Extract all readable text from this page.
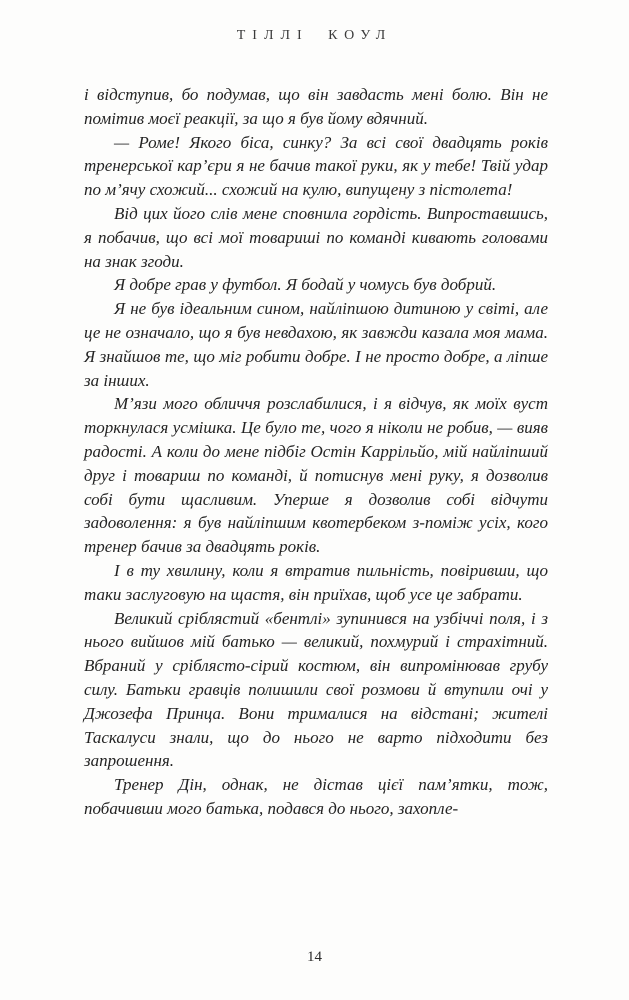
ТІЛЛІ КОУЛ

і відступив, бо подумав, що він завдасть мені болю. Він не помітив моєї реакції, за що я був йому вдячний.

— Роме! Якого біса, синку? За всі свої двадцять років тренерської кар’єри я не бачив такої руки, як у тебе! Твій удар по м’ячу схожий... схожий на кулю, випущену з пістолета!

Від цих його слів мене сповнила гордість. Випроставшись, я побачив, що всі мої товариші по команді кивають головами на знак згоди.

Я добре грав у футбол. Я бодай у чомусь був добрий.

Я не був ідеальним сином, найліпшою дитиною у світі, але це не означало, що я був невдахою, як завжди казала моя мама. Я знайшов те, що міг робити добре. І не просто добре, а ліпше за інших.

М’язи мого обличчя розслабилися, і я відчув, як моїх вуст торкнулася усмішка. Це було те, чого я ніколи не робив, — вияв радості. А коли до мене підбіг Остін Каррільйо, мій найліпший друг і товариш по команді, й потиснув мені руку, я дозволив собі бути щасливим. Уперше я дозволив собі відчути задоволення: я був найліпшим квотербеком з-поміж усіх, кого тренер бачив за двадцять років.

І в ту хвилину, коли я втратив пильність, повіривши, що таки заслуговую на щастя, він приїхав, щоб усе це забрати.

Великий сріблястий «бентлі» зупинився на узбіччі поля, і з нього вийшов мій батько — великий, похмурий і страхітний. Вбраний у сріблясто-сірий костюм, він випромінював грубу силу. Батьки гравців полишили свої розмови й втупили очі у Джозефа Принца. Вони трималися на відстані; жителі Таскалуси знали, що до нього не варто підходити без запрошення.

Тренер Дін, однак, не дістав цієї пам’ятки, тож, побачивши мого батька, подався до нього, захопле-

14
